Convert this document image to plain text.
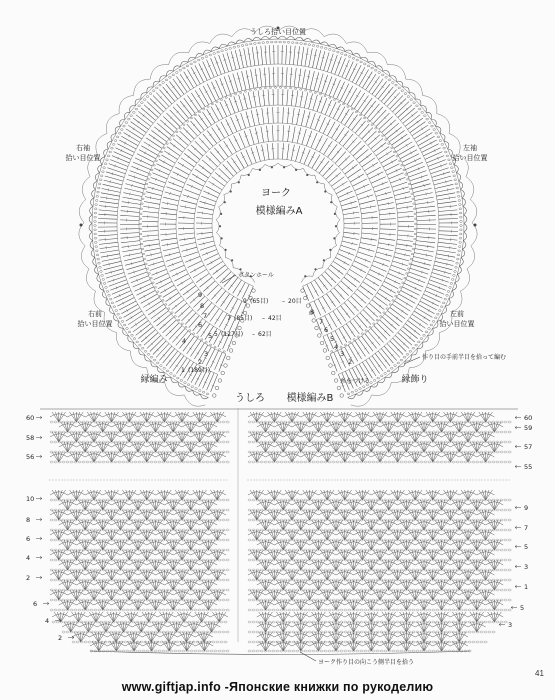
うしろ拾い目位置
ヨーク
模様編みA
右袖
拾い目位置
左袖
拾い目位置
右前
拾い目位置
左前
拾い目位置
ボタンホール
9 (65目) – 20目
7 (85目) – 42目
5 (127目) – 62目
1 (189目)
9
8
7
6
5
4
3
2
8
7
6
5
4
3
2
縁編み	縁飾り
糸をつける
作り目の手前半目を拾って編む
うしろ 模様編みB
60
58
56
10
8
6
4
2
6
4
2
60
59
57
55
9
7
5
3
1
5
3
ヨーク作り目の向こう側半目を拾う
www.giftjap.info -Японские книжки по рукоделию
41
